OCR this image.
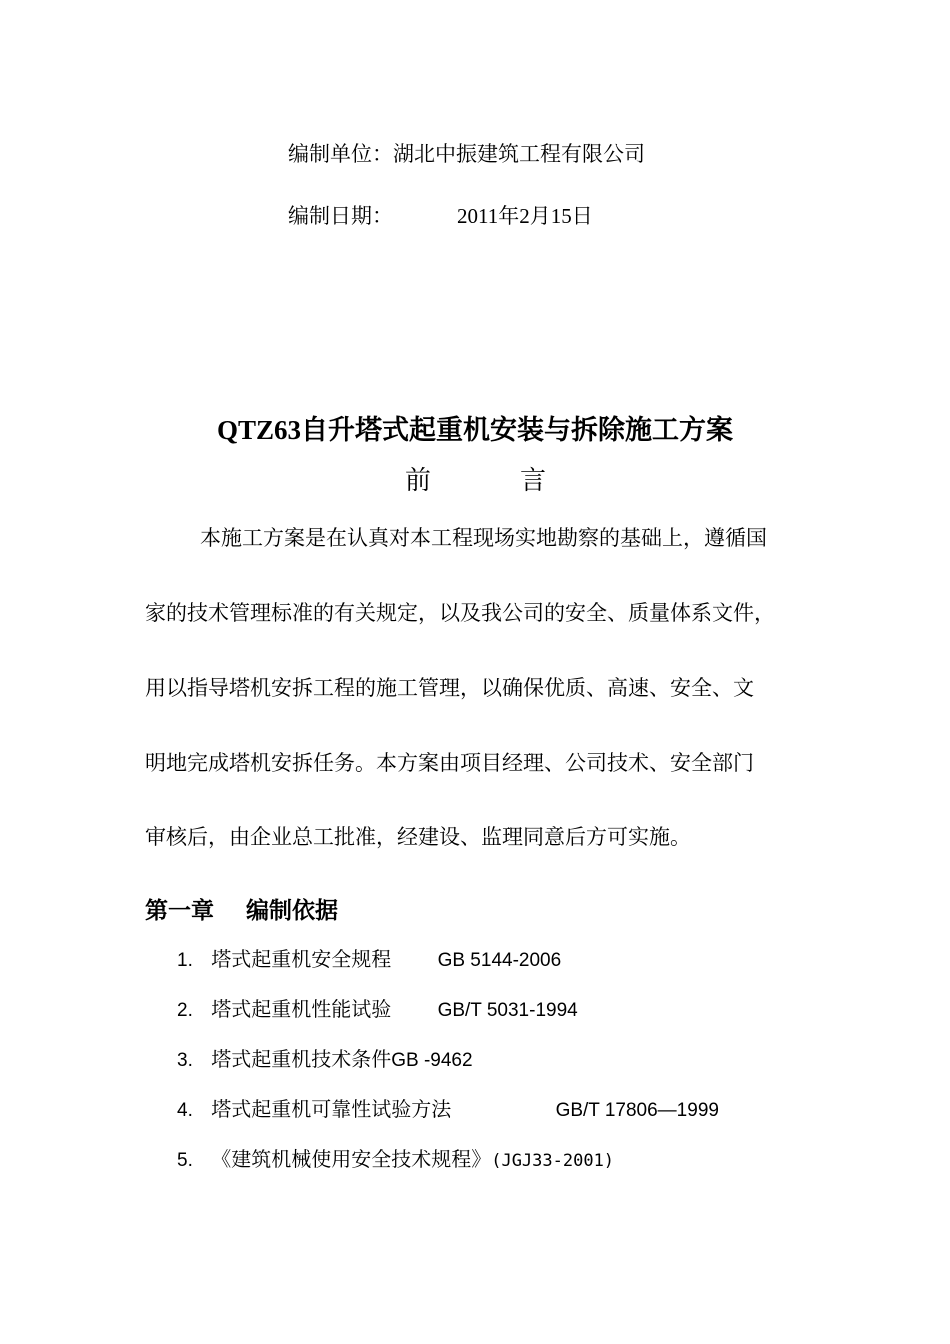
编制单位：湖北中振建筑工程有限公司
编制日期：	2011年2月15日
QTZ63自升塔式起重机安装与拆除施工方案
前	言
本施工方案是在认真对本工程现场实地勘察的基础上，遵循国
家的技术管理标准的有关规定，以及我公司的安全、质量体系文件，
用以指导塔机安拆工程的施工管理，以确保优质、高速、安全、文
明地完成塔机安拆任务。本方案由项目经理、公司技术、安全部门
审核后，由企业总工批准，经建设、监理同意后方可实施。
第一章    编制依据
1. 塔式起重机安全规程 GB 5144-2006
2. 塔式起重机性能试验 GB/T 5031-1994
3. 塔式起重机技术条件GB -9462
4. 塔式起重机可靠性试验方法	GB/T 17806—1999
5. 《建筑机械使用安全技术规程》(JGJ33-2001)
